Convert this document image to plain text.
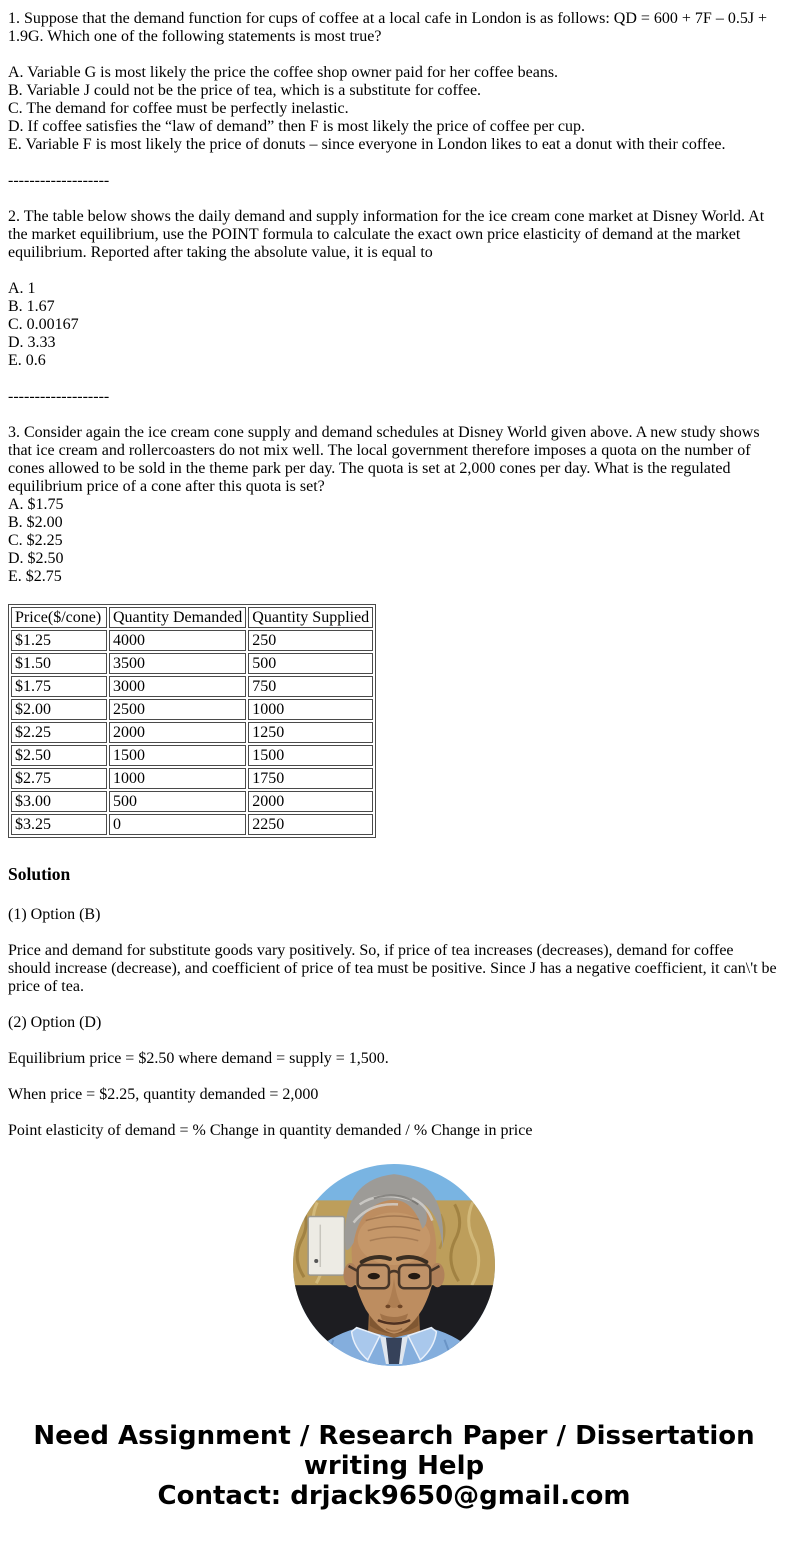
1. Suppose that the demand function for cups of coffee at a local cafe in London is as follows: QD = 600 + 7F – 0.5J + 1.9G. Which one of the following statements is most true?
A. Variable G is most likely the price the coffee shop owner paid for her coffee beans.
B. Variable J could not be the price of tea, which is a substitute for coffee.
C. The demand for coffee must be perfectly inelastic.
D. If coffee satisfies the “law of demand” then F is most likely the price of coffee per cup.
E. Variable F is most likely the price of donuts – since everyone in London likes to eat a donut with their coffee.
-------------------
2. The table below shows the daily demand and supply information for the ice cream cone market at Disney World. At the market equilibrium, use the POINT formula to calculate the exact own price elasticity of demand at the market equilibrium. Reported after taking the absolute value, it is equal to
A. 1
B. 1.67
C. 0.00167
D. 3.33
E. 0.6
-------------------
3. Consider again the ice cream cone supply and demand schedules at Disney World given above. A new study shows that ice cream and rollercoasters do not mix well. The local government therefore imposes a quota on the number of cones allowed to be sold in the theme park per day. The quota is set at 2,000 cones per day. What is the regulated equilibrium price of a cone after this quota is set?
A. $1.75
B. $2.00
C. $2.25
D. $2.50
E. $2.75
Price($/cone)	Quantity Demanded	Quantity Supplied
$1.25	4000	250
$1.50	3500	500
$1.75	3000	750
$2.00	2500	1000
$2.25	2000	1250
$2.50	1500	1500
$2.75	1000	1750
$3.00	500	2000
$3.25	0	2250
Solution
(1) Option (B)
Price and demand for substitute goods vary positively. So, if price of tea increases (decreases), demand for coffee should increase (decrease), and coefficient of price of tea must be positive. Since J has a negative coefficient, it can\'t be price of tea.
(2) Option (D)
Equilibrium price = $2.50 where demand = supply = 1,500.
When price = $2.25, quantity demanded = 2,000
Point elasticity of demand = % Change in quantity demanded / % Change in price
Need Assignment / Research Paper / Dissertation
writing Help
Contact: drjack9650@gmail.com
